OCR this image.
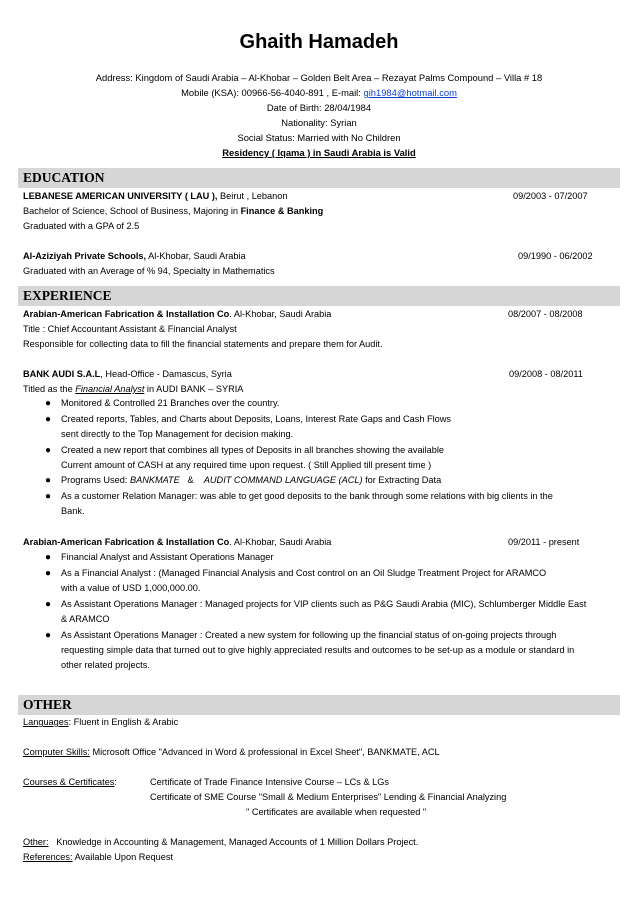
Ghaith Hamadeh
Address: Kingdom of Saudi Arabia – Al-Khobar – Golden Belt Area – Rezayat Palms Compound – Villa # 18
Mobile (KSA): 00966-56-4040-891 , E-mail: gih1984@hotmail.com
Date of Birth: 28/04/1984
Nationality: Syrian
Social Status: Married with No Children
Residency ( Iqama ) in Saudi Arabia is Valid
EDUCATION
LEBANESE AMERICAN UNIVERSITY ( LAU ), Beirut , Lebanon	09/2003 - 07/2007
Bachelor of Science, School of Business, Majoring in Finance & Banking
Graduated with a GPA of 2.5
Al-Aziziyah Private Schools, Al-Khobar, Saudi Arabia	09/1990 - 06/2002
Graduated with an Average of % 94, Specialty in Mathematics
EXPERIENCE
Arabian-American Fabrication & Installation Co. Al-Khobar, Saudi Arabia	08/2007 - 08/2008
Title : Chief Accountant Assistant & Financial Analyst
Responsible for collecting data to fill the financial statements and prepare them for Audit.
BANK AUDI S.A.L, Head-Office - Damascus, Syria	09/2008 - 08/2011
Titled as the Financial Analyst in AUDI BANK – SYRIA
● Monitored & Controlled 21 Branches over the country.
● Created reports, Tables, and Charts about Deposits, Loans, Interest Rate Gaps and Cash Flows
sent directly to the Top Management for decision making.
● Created a new report that combines all types of Deposits in all branches showing the available
Current amount of CASH at any required time upon request. ( Still Applied till present time )
● Programs Used: BANKMATE   &    AUDIT COMMAND LANGUAGE (ACL) for Extracting Data
● As a customer Relation Manager: was able to get good deposits to the bank through some relations with big clients in the
Bank.
Arabian-American Fabrication & Installation Co. Al-Khobar, Saudi Arabia	09/2011 - present
● Financial Analyst and Assistant Operations Manager
● As a Financial Analyst : (Managed Financial Analysis and Cost control on an Oil Sludge Treatment Project for ARAMCO
with a value of USD 1,000,000.00.
● As Assistant Operations Manager : Managed projects for VIP clients such as P&G Saudi Arabia (MIC), Schlumberger Middle East
& ARAMCO
● As Assistant Operations Manager : Created a new system for following up the financial status of on-going projects through
requesting simple data that turned out to give highly appreciated results and outcomes to be set-up as a module or standard in
other related projects.
OTHER
Languages: Fluent in English & Arabic
Computer Skills: Microsoft Office "Advanced in Word & professional in Excel Sheet", BANKMATE, ACL
Courses & Certificates:	Certificate of Trade Finance Intensive Course – LCs & LGs
Certificate of SME Course "Small & Medium Enterprises" Lending & Financial Analyzing
" Certificates are available when requested "
Other:   Knowledge in Accounting & Management, Managed Accounts of 1 Million Dollars Project.
References: Available Upon Request
